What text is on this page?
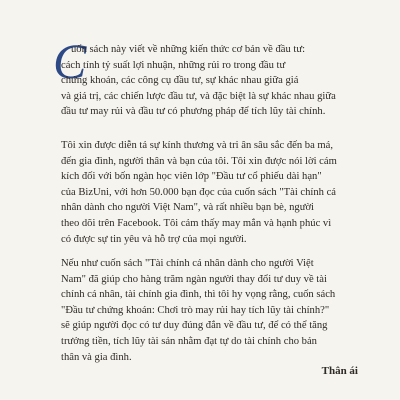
C
uốn sách này viết về những kiến thức cơ bản về đầu tư:
cách tính tỷ suất lợi nhuận, những rủi ro trong đầu tư
chứng khoán, các công cụ đầu tư, sự khác nhau giữa giá
và giá trị, các chiến lược đầu tư, và đặc biệt là sự khác nhau giữa
đầu tư may rủi và đầu tư có phương pháp để tích lũy tài chính.
Tôi xin được diễn tả sự kính thương và tri ân sâu sắc đến ba má,
đến gia đình, người thân và bạn của tôi. Tôi xin được nói lời cám
kích đối với bốn ngàn học viên lớp "Đầu tư cổ phiếu dài hạn"
của BizUni, với hơn 50.000 bạn đọc của cuốn sách "Tài chính cá
nhân dành cho người Việt Nam", và rất nhiều bạn bè, người
theo dõi trên Facebook. Tôi cảm thấy may mắn và hạnh phúc vì
có được sự tin yêu và hỗ trợ của mọi người.
Nếu như cuốn sách "Tài chính cá nhân dành cho người Việt
Nam" đã giúp cho hàng trăm ngàn người thay đổi tư duy về tài
chính cá nhân, tài chính gia đình, thì tôi hy vọng rằng, cuốn sách
"Đầu tư chứng khoán: Chơi trò may rủi hay tích lũy tài chính?"
sẽ giúp người đọc có tư duy đúng đắn về đầu tư, để có thể tăng
trưởng tiền, tích lũy tài sản nhằm đạt tự do tài chính cho bản
thân và gia đình.
Thân ái
